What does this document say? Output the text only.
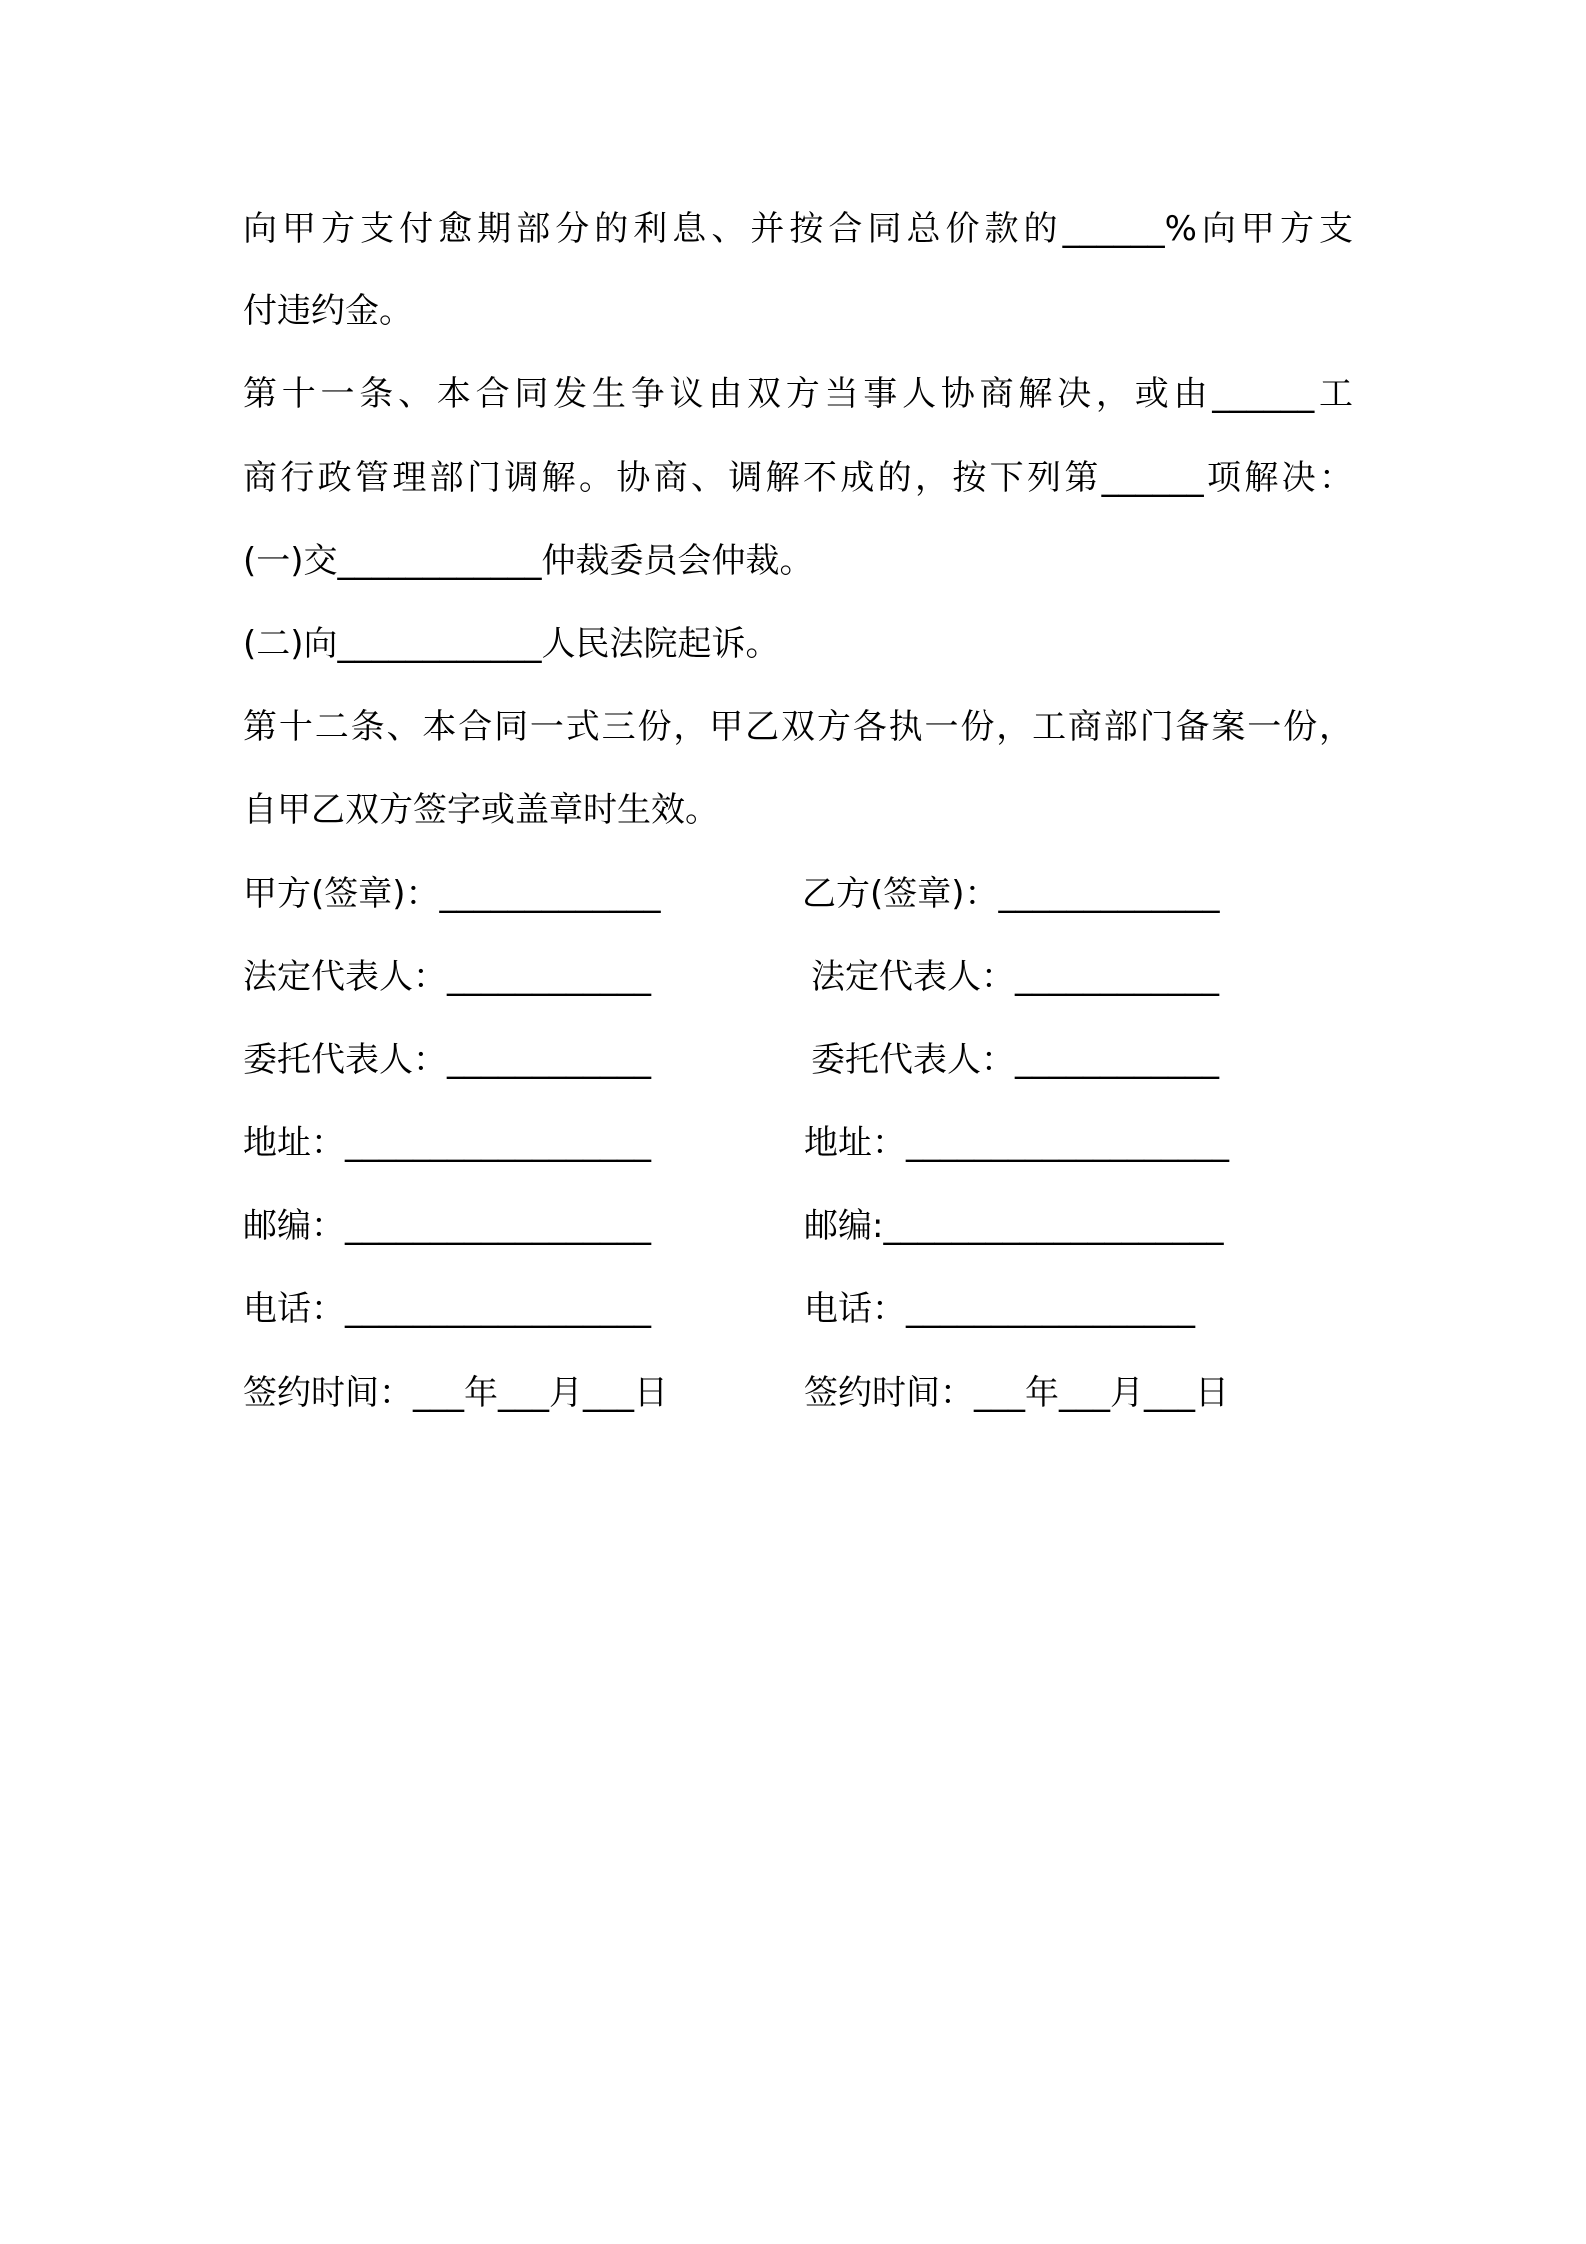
向甲方支付愈期部分的利息、并按合同总价款的______%向甲方支
付违约金。
第十一条、本合同发生争议由双方当事人协商解决，或由______工
商行政管理部门调解。协商、调解不成的，按下列第______项解决：
(一)交____________仲裁委员会仲裁。
(二)向____________人民法院起诉。
第十二条、本合同一式三份，甲乙双方各执一份，工商部门备案一份，
自甲乙双方签字或盖章时生效。
甲方(签章)：_____________
法定代表人：____________
委托代表人：____________
地址：__________________
邮编：__________________
电话：__________________
签约时间：___年___月___日
乙方(签章)：_____________
法定代表人：____________
委托代表人：____________
地址：___________________
邮编:____________________
电话：_________________
签约时间：___年___月___日
